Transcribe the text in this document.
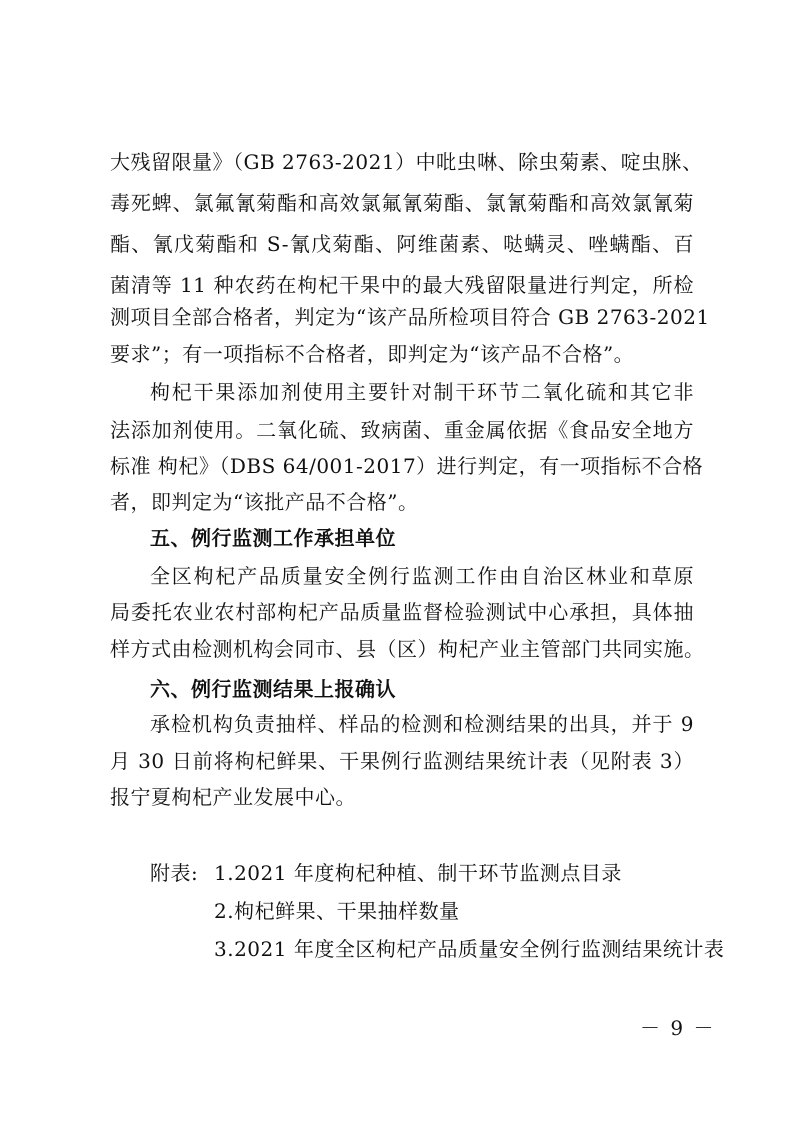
大残留限量》（GB 2763-2021）中吡虫啉、除虫菊素、啶虫脒、
毒死蜱、氯氟氰菊酯和高效氯氟氰菊酯、氯氰菊酯和高效氯氰菊
酯、氰戊菊酯和 S-氰戊菊酯、阿维菌素、哒螨灵、唑螨酯、百
菌清等 11 种农药在枸杞干果中的最大残留限量进行判定，所检
测项目全部合格者，判定为“该产品所检项目符合 GB 2763-2021
要求”；有一项指标不合格者，即判定为“该产品不合格”。
枸杞干果添加剂使用主要针对制干环节二氧化硫和其它非
法添加剂使用。二氧化硫、致病菌、重金属依据《食品安全地方
标准 枸杞》（DBS 64/001-2017）进行判定，有一项指标不合格
者，即判定为“该批产品不合格”。
五、例行监测工作承担单位
全区枸杞产品质量安全例行监测工作由自治区林业和草原
局委托农业农村部枸杞产品质量监督检验测试中心承担，具体抽
样方式由检测机构会同市、县（区）枸杞产业主管部门共同实施。
六、例行监测结果上报确认
承检机构负责抽样、样品的检测和检测结果的出具，并于 9
月 30 日前将枸杞鲜果、干果例行监测结果统计表（见附表 3）
报宁夏枸杞产业发展中心。
附表: 1.2021 年度枸杞种植、制干环节监测点目录
2.枸杞鲜果、干果抽样数量
3.2021 年度全区枸杞产品质量安全例行监测结果统计表
－ 9 －
